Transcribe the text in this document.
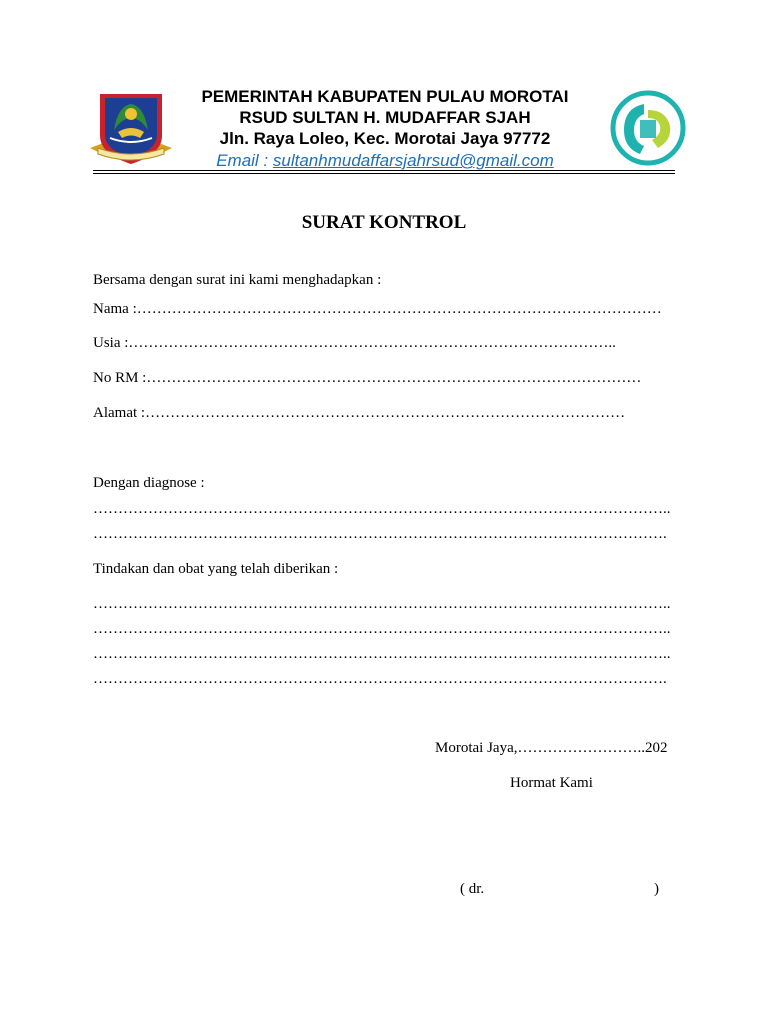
PEMERINTAH KABUPATEN PULAU MOROTAI
RSUD SULTAN H. MUDAFFAR SJAH
Jln. Raya Loleo, Kec. Morotai Jaya 97772
Email : sultanhmudaffarsjahrsud@gmail.com
SURAT KONTROL
Bersama dengan surat ini kami menghadapkan :
Nama :……………………………………………………………………………………………
Usia :……………………………………………………………………………………..
No RM :………………………………………………………………………………………
Alamat :……………………………………………………………………………………
Dengan diagnose :
……………………………………………………………………………………………………..
…………………………………………………………………………………………………….
Tindakan dan obat yang telah diberikan :
……………………………………………………………………………………………………..
……………………………………………………………………………………………………..
……………………………………………………………………………………………………..
…………………………………………………………………………………………………….
Morotai Jaya,……………………..202
Hormat Kami
( dr.	)
